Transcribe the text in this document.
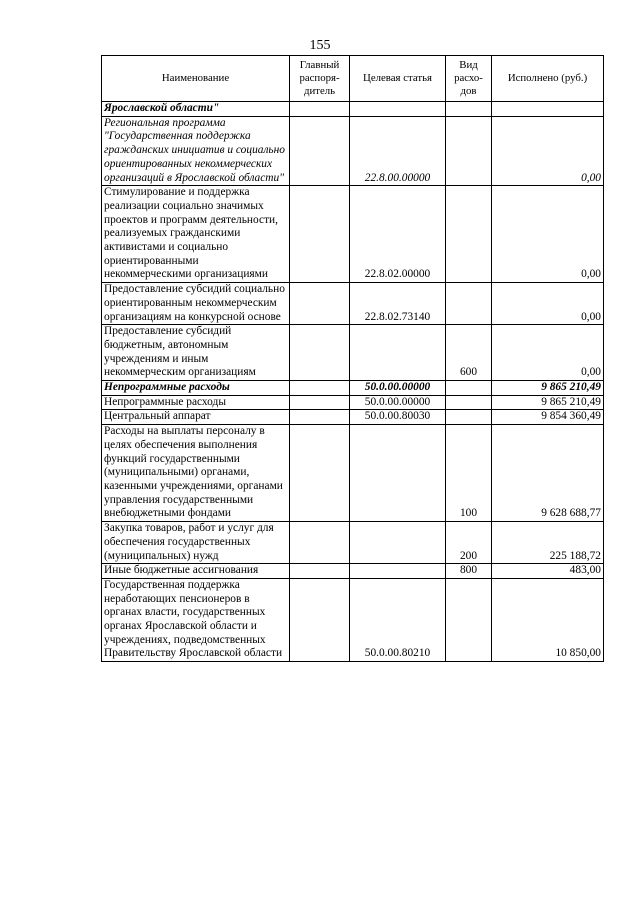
155
Наименование	Главный распоря-дитель	Целевая статья	Вид расхо-дов	Исполнено (руб.)
Ярославской области"				
Региональная программа "Государственная поддержка гражданских инициатив и социально ориентированных некоммерческих организаций в Ярославской области"		22.8.00.00000		0,00
Стимулирование и поддержка реализации социально значимых проектов и программ деятельности, реализуемых гражданскими активистами и социально ориентированными некоммерческими организациями		22.8.02.00000		0,00
Предоставление субсидий социально ориентированным некоммерческим организациям на конкурсной основе		22.8.02.73140		0,00
Предоставление субсидий бюджетным, автономным учреждениям и иным некоммерческим организациям			600	0,00
Непрограммные расходы		50.0.00.00000		9 865 210,49
Непрограммные расходы		50.0.00.00000		9 865 210,49
Центральный аппарат		50.0.00.80030		9 854 360,49
Расходы на выплаты персоналу в целях обеспечения выполнения функций государственными (муниципальными) органами, казенными учреждениями, органами управления государственными внебюджетными фондами			100	9 628 688,77
Закупка товаров, работ и услуг для обеспечения государственных (муниципальных) нужд			200	225 188,72
Иные бюджетные ассигнования			800	483,00
Государственная поддержка неработающих пенсионеров в органах власти, государственных органах Ярославской области и учреждениях, подведомственных Правительству Ярославской области		50.0.00.80210		10 850,00
